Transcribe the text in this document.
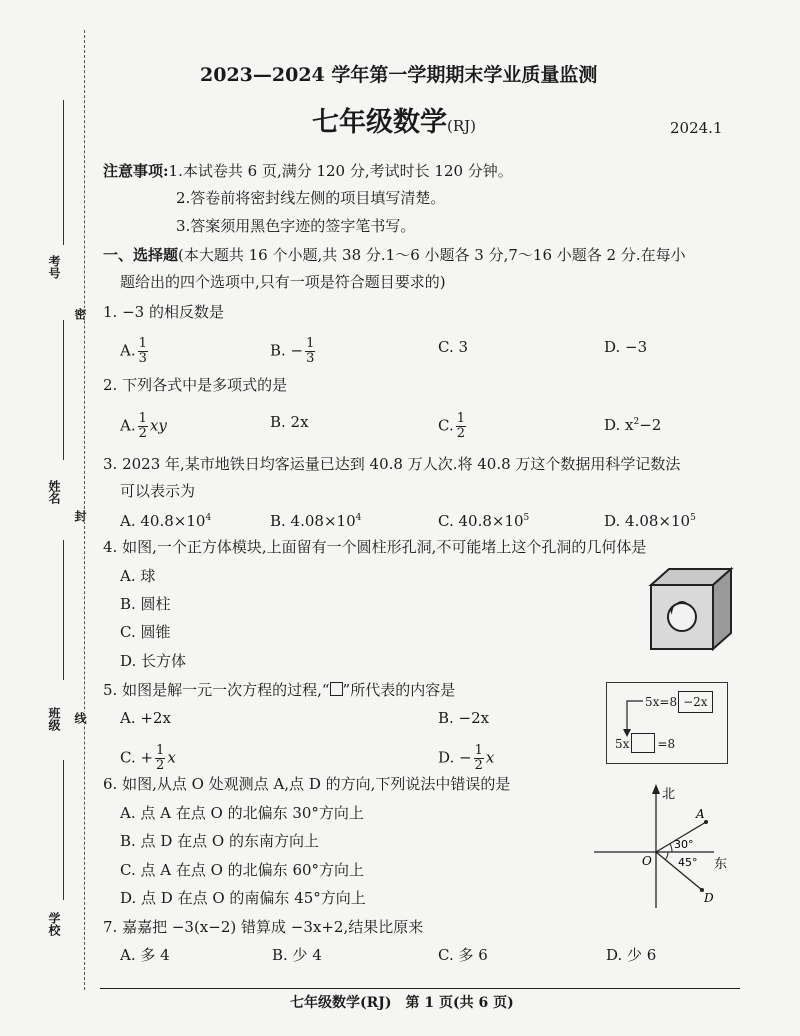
考号
姓名
班级
学校
密
封
线
2023—2024 学年第一学期期末学业质量监测
七年级数学(RJ)	2024.1
注意事项:1.本试卷共 6 页,满分 120 分,考试时长 120 分钟。
2.答卷前将密封线左侧的项目填写清楚。
3.答案须用黑色字迹的签字笔书写。
一、选择题(本大题共 16 个小题,共 38 分.1～6 小题各 3 分,7～16 小题各 2 分.在每小
题给出的四个选项中,只有一项是符合题目要求的)
1. −3 的相反数是
A. $\frac{1}{3}$	B. − $\frac{1}{3}$	C. 3	D. −3
2. 下列各式中是多项式的是
A. $\frac{1}{2}$ xy	B. 2x	C. $\frac{1}{2}$	D. $x^2-2$
3. 2023 年,某市地铁日均客运量已达到 40.8 万人次.将 40.8 万这个数据用科学记数法
可以表示为
A. $40.8\times 10^4$	B. $4.08\times 10^4$	C. $40.8\times 10^5$	D. $4.08\times 10^5$
4. 如图,一个正方体模块,上面留有一个圆柱形孔洞,不可能堵上这个孔洞的几何体是
A. 球
B. 圆柱
C. 圆锥
D. 长方体
5. 如图是解一元一次方程的过程,“ ”所代表的内容是
A. +2x	B. −2x
C. + $\frac{1}{2}$ x	D. − $\frac{1}{2}$ x
5x=8 −2x
5x =8
6. 如图,从点 O 处观测点 A,点 D 的方向,下列说法中错误的是
A. 点 A 在点 O 的北偏东 30°方向上
B. 点 D 在点 O 的东南方向上
C. 点 A 在点 O 的北偏东 60°方向上
D. 点 D 在点 O 的南偏东 45°方向上
北
东
O
A
D
30°
45°
7. 嘉嘉把 −3(x−2) 错算成 −3x+2,结果比原来
A. 多 4	B. 少 4	C. 多 6	D. 少 6
七年级数学(RJ)　第 1 页(共 6 页)
